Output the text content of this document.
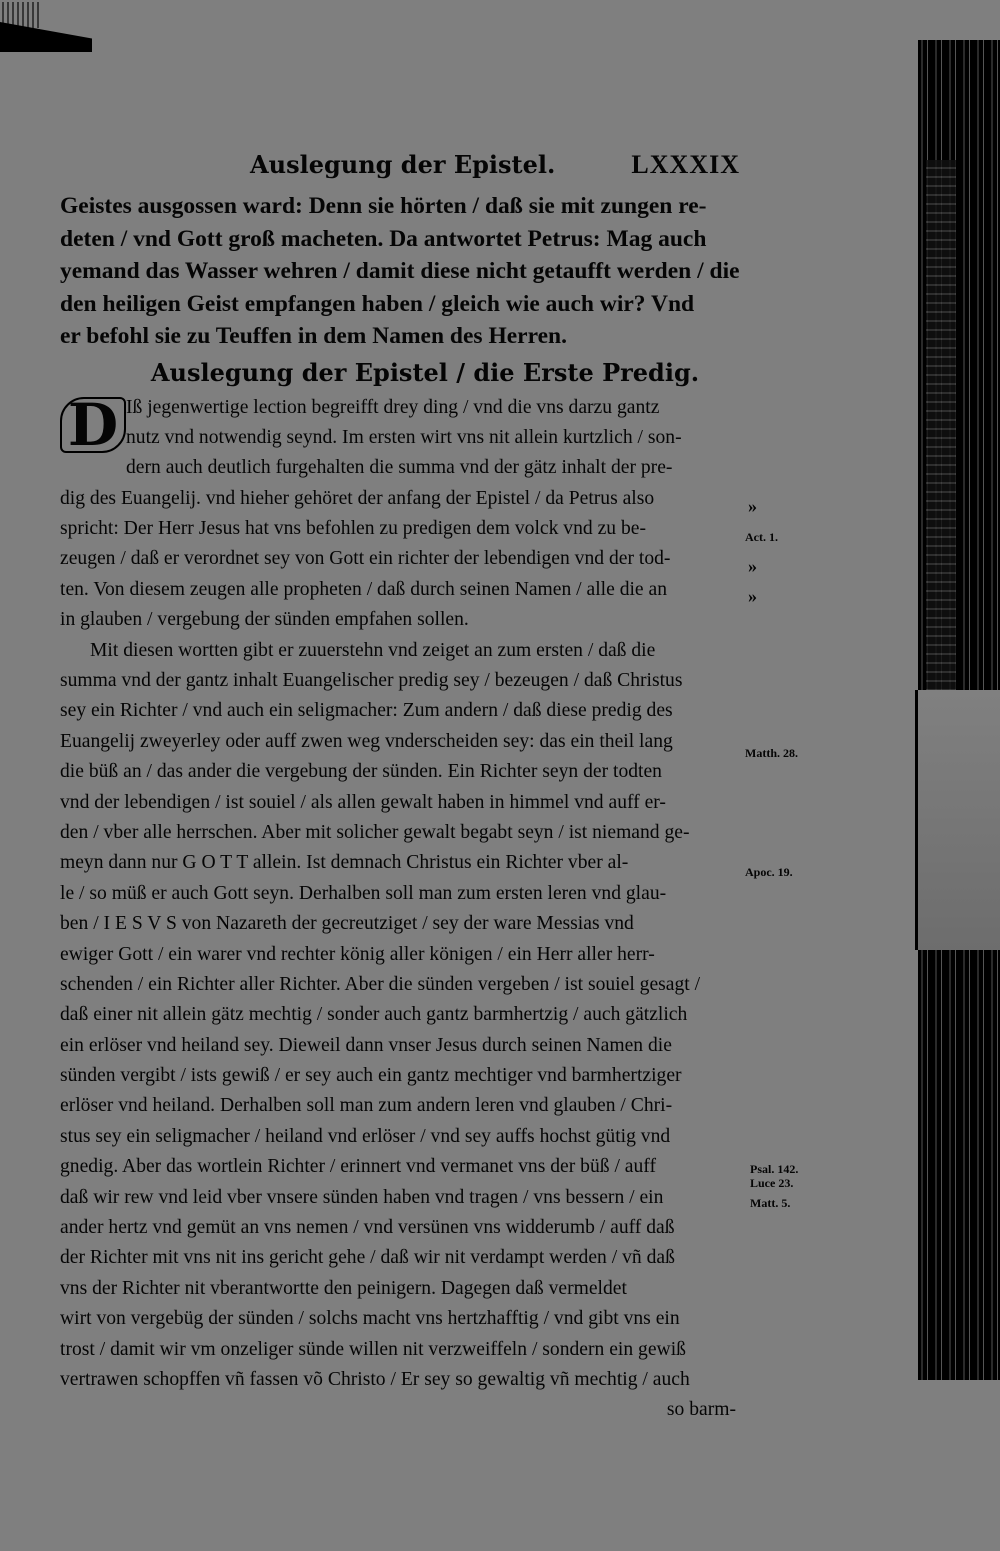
Auslegung der Epistel.	LXXXIX
Geistes ausgossen ward: Denn sie hörten / daß sie mit zungen re-
deten / vnd Gott groß macheten. Da antwortet Petrus: Mag auch
yemand das Wasser wehren / damit diese nicht getaufft werden / die
den heiligen Geist empfangen haben / gleich wie auch wir? Vnd
er befohl sie zu Teuffen in dem Namen des Herren.
Auslegung der Epistel / die Erste Predig.
D Iß jegenwertige lection begreifft drey ding / vnd die vns darzu gantz
nutz vnd notwendig seynd. Im ersten wirt vns nit allein kurtzlich / son-
dern auch deutlich furgehalten die summa vnd der gätz inhalt der pre-
dig des Euangelij. vnd hieher gehöret der anfang der Epistel / da Petrus also
spricht: Der Herr Jesus hat vns befohlen zu predigen dem volck vnd zu be-
zeugen / daß er verordnet sey von Gott ein richter der lebendigen vnd der tod-
ten. Von diesem zeugen alle propheten / daß durch seinen Namen / alle die an
in glauben / vergebung der sünden empfahen sollen.
Mit diesen wortten gibt er zuuerstehn vnd zeiget an zum ersten / daß die
summa vnd der gantz inhalt Euangelischer predig sey / bezeugen / daß Christus
sey ein Richter / vnd auch ein seligmacher: Zum andern / daß diese predig des
Euangelij zweyerley oder auff zwen weg vnderscheiden sey: das ein theil lang
die büß an / das ander die vergebung der sünden. Ein Richter seyn der todten
vnd der lebendigen / ist souiel / als allen gewalt haben in himmel vnd auff er-
den / vber alle herrschen. Aber mit solicher gewalt begabt seyn / ist niemand ge-
meyn dann nur G O T T allein. Ist demnach Christus ein Richter vber al-
le / so müß er auch Gott seyn. Derhalben soll man zum ersten leren vnd glau-
ben / I E S V S von Nazareth der gecreutziget / sey der ware Messias vnd
ewiger Gott / ein warer vnd rechter könig aller königen / ein Herr aller herr-
schenden / ein Richter aller Richter. Aber die sünden vergeben / ist souiel gesagt /
daß einer nit allein gätz mechtig / sonder auch gantz barmhertzig / auch gätzlich
ein erlöser vnd heiland sey. Dieweil dann vnser Jesus durch seinen Namen die
sünden vergibt / ists gewiß / er sey auch ein gantz mechtiger vnd barmhertziger
erlöser vnd heiland. Derhalben soll man zum andern leren vnd glauben / Chri-
stus sey ein seligmacher / heiland vnd erlöser / vnd sey auffs hochst gütig vnd
gnedig. Aber das wortlein Richter / erinnert vnd vermanet vns der büß / auff
daß wir rew vnd leid vber vnsere sünden haben vnd tragen / vns bessern / ein
ander hertz vnd gemüt an vns nemen / vnd versünen vns widderumb / auff daß
der Richter mit vns nit ins gericht gehe / daß wir nit verdampt werden / vñ daß
vns der Richter nit vberantwortte den peinigern. Dagegen daß vermeldet
wirt von vergebüg der sünden / solchs macht vns hertzhafftig / vnd gibt vns ein
trost / damit wir vm onzeliger sünde willen nit verzweiffeln / sondern ein gewiß
vertrawen schopffen vñ fassen võ Christo / Er sey so gewaltig vñ mechtig / auch
so barm-
»
Act. 1.
»
»
Matth. 28.
Apoc. 19.
Psal. 142.
Luce 23.
Matt. 5.
